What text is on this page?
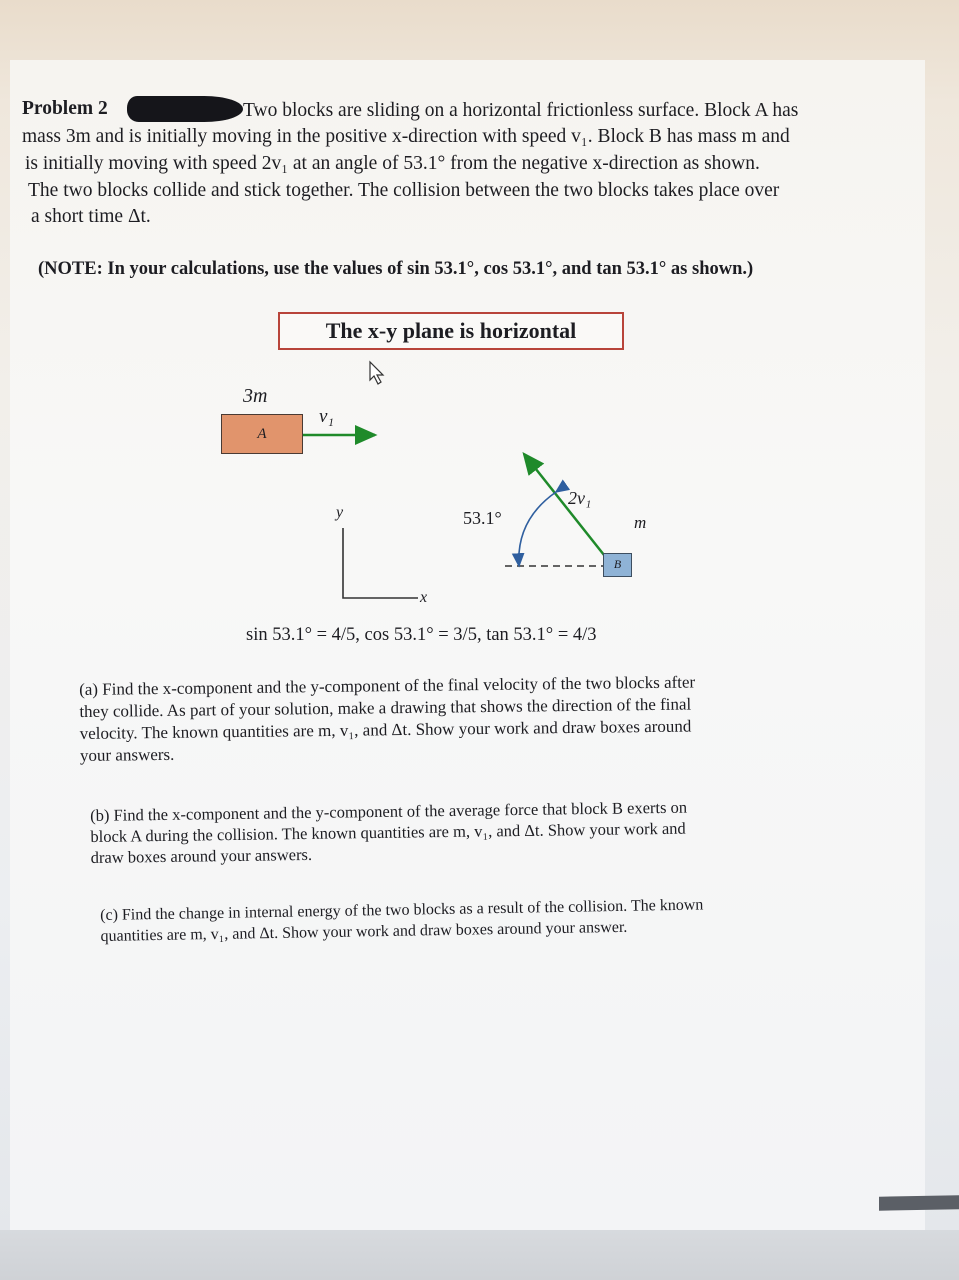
Problem 2	Two blocks are sliding on a horizontal frictionless surface. Block A has
mass 3m and is initially moving in the positive x-direction with speed v₁. Block B has mass m and
is initially moving with speed 2v₁ at an angle of 53.1° from the negative x-direction as shown.
The two blocks collide and stick together. The collision between the two blocks takes place over
a short time Δt.
(NOTE: In your calculations, use the values of sin 53.1°, cos 53.1°, and tan 53.1° as shown.)
The x-y plane is horizontal
3m
A
v₁
y
x
53.1°
2v₁
m
B
sin 53.1° = 4/5, cos 53.1° = 3/5, tan 53.1° = 4/3
(a) Find the x-component and the y-component of the final velocity of the two blocks after
they collide. As part of your solution, make a drawing that shows the direction of the final
velocity. The known quantities are m, v₁, and Δt. Show your work and draw boxes around
your answers.
(b) Find the x-component and the y-component of the average force that block B exerts on
block A during the collision. The known quantities are m, v₁, and Δt. Show your work and
draw boxes around your answers.
(c) Find the change in internal energy of the two blocks as a result of the collision. The known
quantities are m, v₁, and Δt. Show your work and draw boxes around your answer.
